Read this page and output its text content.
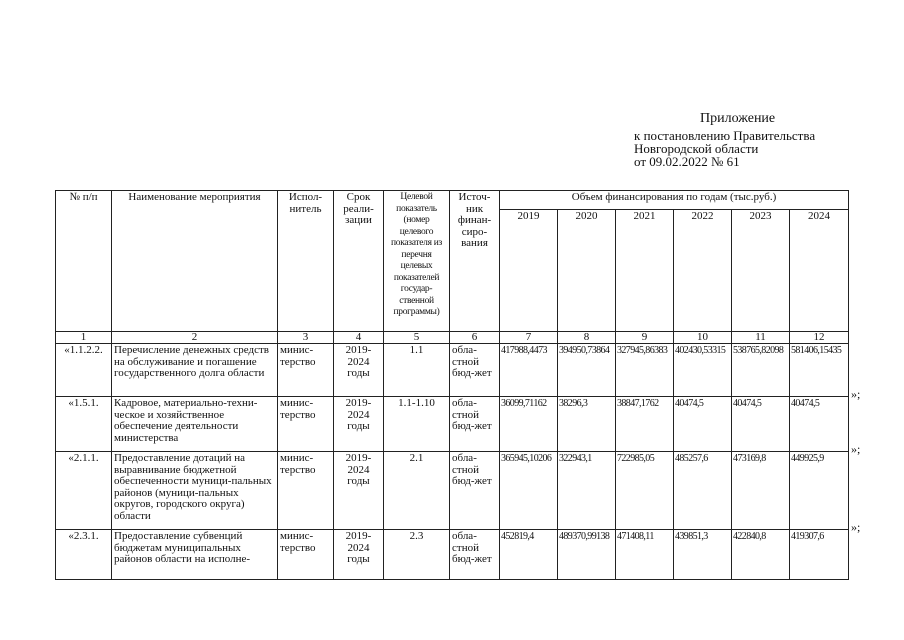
Приложение
к постановлению Правительства
Новгородской области
от 09.02.2022 № 61
№ п/п	Наименование мероприятия	Испол-нитель	Срок реали-зации	Целевой показатель (номер целевого показателя из перечня целевых показателей государ-ственной программы)	Источ-ник финан-сиро-вания	Объем финансирования по годам (тыс.руб.)					
						2019	2020	2021	2022	2023	2024
1	2	3	4	5	6	7	8	9	10	11	12
«1.1.2.2.	Перечисление денежных средств на обслуживание и погашение государственного долга области	минис-терство	2019-2024 годы	1.1	обла-стной бюд-жет	417988,4473	394950,73864	327945,86383	402430,53315	538765,82098	581406,15435
«1.5.1.	Кадровое, материально-техни-ческое и хозяйственное обеспечение деятельности министерства	минис-терство	2019-2024 годы	1.1-1.10	обла-стной бюд-жет	36099,71162	38296,3	38847,1762	40474,5	40474,5	40474,5
«2.1.1.	Предоставление дотаций на выравнивание бюджетной обеспеченности муници-пальных районов (муници-пальных округов, городского округа) области	минис-терство	2019-2024 годы	2.1	обла-стной бюд-жет	365945,10206	322943,1	722985,05	485257,6	473169,8	449925,9
«2.3.1.	Предоставление субвенций бюджетам муниципальных районов области на исполне-	минис-терство	2019-2024 годы	2.3	обла-стной бюд-жет	452819,4	489370,99138	471408,11	439851,3	422840,8	419307,6
»;
»;
»;
